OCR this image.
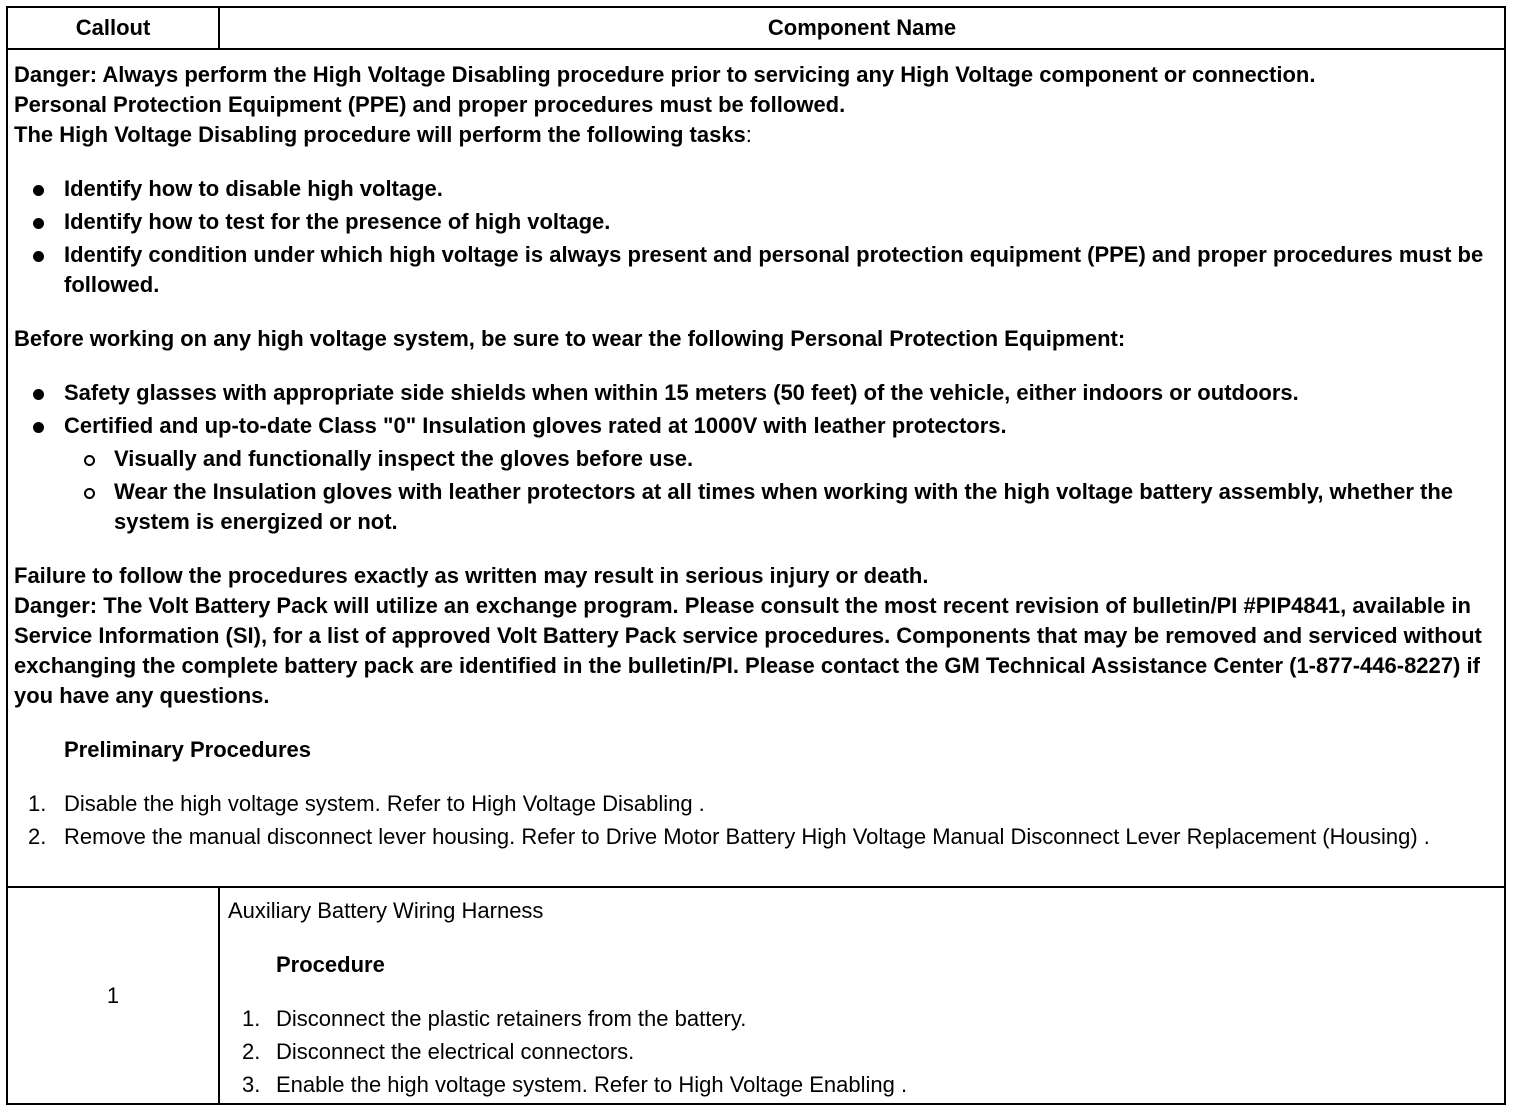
Callout	Component Name

Danger: Always perform the High Voltage Disabling procedure prior to servicing any High Voltage component or connection.

Personal Protection Equipment (PPE) and proper procedures must be followed.

The High Voltage Disabling procedure will perform the following tasks:

Identify how to disable high voltage.
Identify how to test for the presence of high voltage.
Identify condition under which high voltage is always present and personal protection equipment (PPE) and proper procedures must be followed.

Before working on any high voltage system, be sure to wear the following Personal Protection Equipment:

Safety glasses with appropriate side shields when within 15 meters (50 feet) of the vehicle, either indoors or outdoors.
Certified and up-to-date Class "0" Insulation gloves rated at 1000V with leather protectors.
Visually and functionally inspect the gloves before use.
Wear the Insulation gloves with leather protectors at all times when working with the high voltage battery assembly, whether the system is energized or not.

Failure to follow the procedures exactly as written may result in serious injury or death.

Danger: The Volt Battery Pack will utilize an exchange program. Please consult the most recent revision of bulletin/PI #PIP4841, available in Service Information (SI), for a list of approved Volt Battery Pack service procedures. Components that may be removed and serviced without exchanging the complete battery pack are identified in the bulletin/PI. Please contact the GM Technical Assistance Center (1-877-446-8227) if you have any questions.

Preliminary Procedures
1. Disable the high voltage system. Refer to High Voltage Disabling .
2. Remove the manual disconnect lever housing. Refer to Drive Motor Battery High Voltage Manual Disconnect Lever Replacement (Housing) .
1

Auxiliary Battery Wiring Harness

Procedure
1. Disconnect the plastic retainers from the battery.
2. Disconnect the electrical connectors.
3. Enable the high voltage system. Refer to High Voltage Enabling .
